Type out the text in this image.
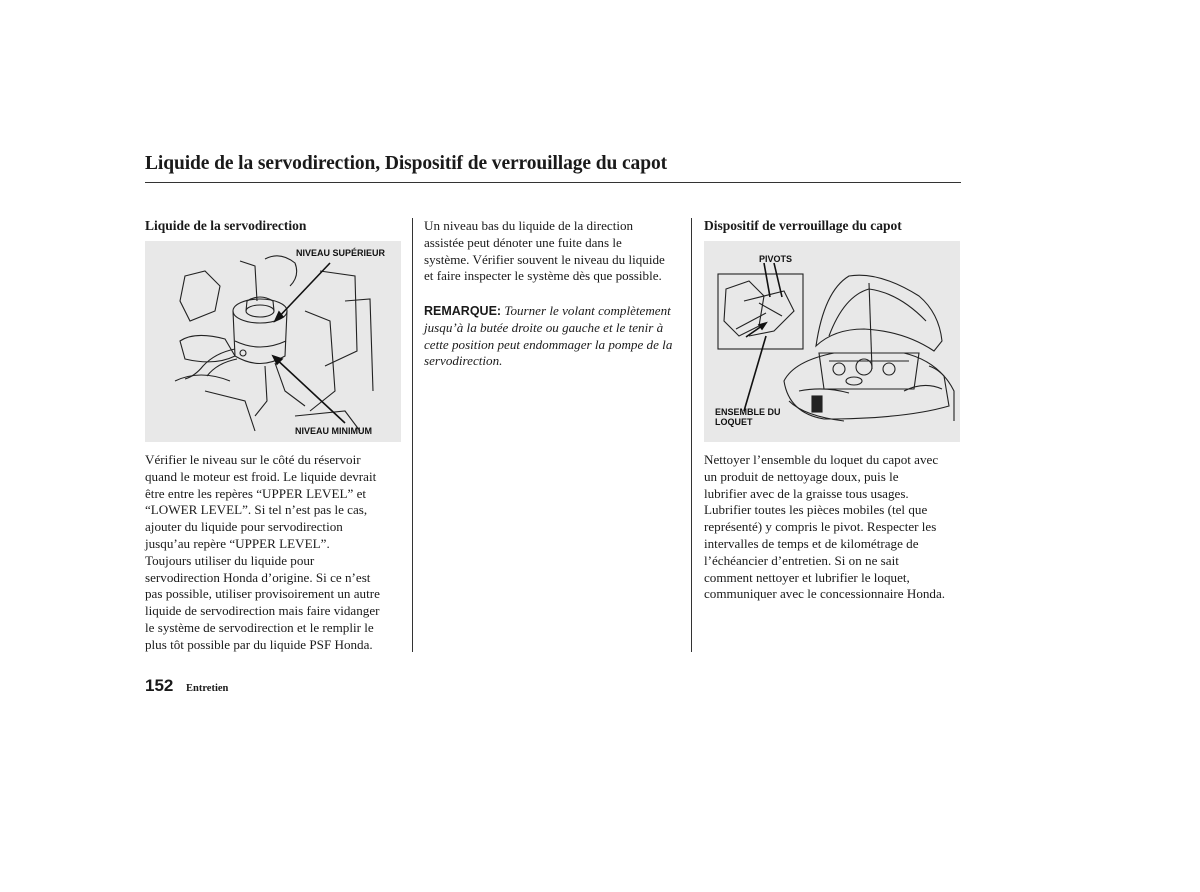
Liquide de la servodirection, Dispositif de verrouillage du capot
Liquide de la servodirection
NIVEAU SUPÉRIEUR
NIVEAU MINIMUM

Vérifier le niveau sur le côté du réservoir
quand le moteur est froid. Le liquide devrait
être entre les repères “UPPER LEVEL” et
“LOWER LEVEL”. Si tel n’est pas le cas,
ajouter du liquide pour servodirection
jusqu’au repère “UPPER LEVEL”.
Toujours utiliser du liquide pour
servodirection Honda d’origine. Si ce n’est
pas possible, utiliser provisoirement un autre
liquide de servodirection mais faire vidanger
le système de servodirection et le remplir le
plus tôt possible par du liquide PSF Honda.

Un niveau bas du liquide de la direction
assistée peut dénoter une fuite dans le
système. Vérifier souvent le niveau du liquide
et faire inspecter le système dès que possible.

REMARQUE: Tourner le volant complètement
jusqu’à la butée droite ou gauche et le tenir à
cette position peut endommager la pompe de la
servodirection.

Dispositif de verrouillage du capot
PIVOTS
ENSEMBLE DU
LOQUET

Nettoyer l’ensemble du loquet du capot avec
un produit de nettoyage doux, puis le
lubrifier avec de la graisse tous usages.
Lubrifier toutes les pièces mobiles (tel que
représenté) y compris le pivot. Respecter les
intervalles de temps et de kilométrage de
l’échéancier d’entretien. Si on ne sait
comment nettoyer et lubrifier le loquet,
communiquer avec le concessionnaire Honda.

152 Entretien
